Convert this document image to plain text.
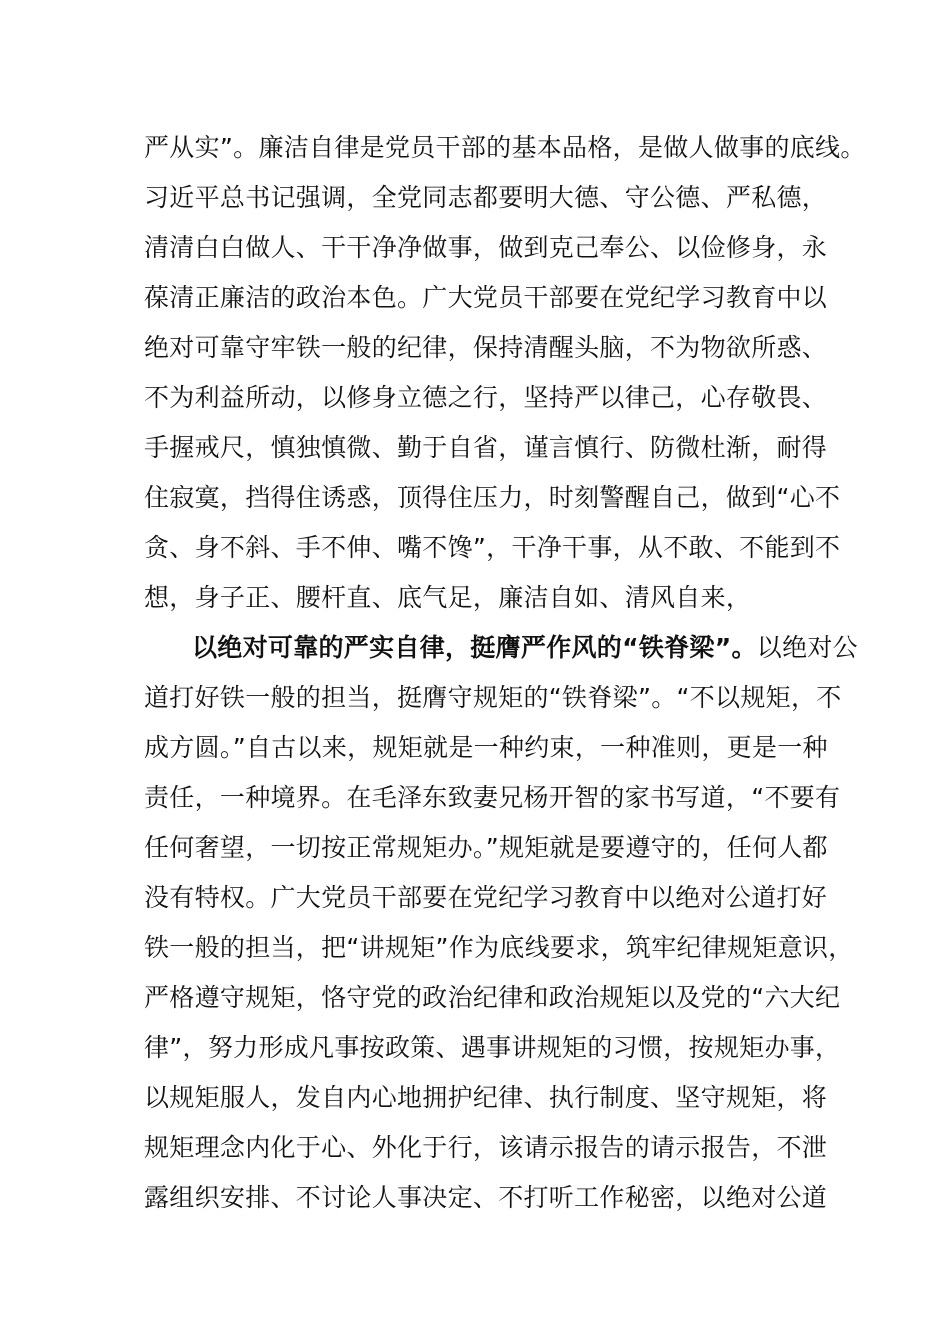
严从实”。廉洁自律是党员干部的基本品格，是做人做事的底线。
习近平总书记强调，全党同志都要明大德、守公德、严私德，
清清白白做人、干干净净做事，做到克己奉公、以俭修身，永
葆清正廉洁的政治本色。广大党员干部要在党纪学习教育中以
绝对可靠守牢铁一般的纪律，保持清醒头脑，不为物欲所惑、
不为利益所动，以修身立德之行，坚持严以律己，心存敬畏、
手握戒尺，慎独慎微、勤于自省，谨言慎行、防微杜渐，耐得
住寂寞，挡得住诱惑，顶得住压力，时刻警醒自己，做到“心不
贪、身不斜、手不伸、嘴不馋”，干净干事，从不敢、不能到不
想，身子正、腰杆直、底气足，廉洁自如、清风自来，
以绝对可靠的严实自律，挺膺严作风的“铁脊梁”。以绝对公
道打好铁一般的担当，挺膺守规矩的“铁脊梁”。“不以规矩，不
成方圆。”自古以来，规矩就是一种约束，一种准则，更是一种
责任，一种境界。在毛泽东致妻兄杨开智的家书写道，“不要有
任何奢望，一切按正常规矩办。”规矩就是要遵守的，任何人都
没有特权。广大党员干部要在党纪学习教育中以绝对公道打好
铁一般的担当，把“讲规矩”作为底线要求，筑牢纪律规矩意识，
严格遵守规矩，恪守党的政治纪律和政治规矩以及党的“六大纪
律”，努力形成凡事按政策、遇事讲规矩的习惯，按规矩办事，
以规矩服人，发自内心地拥护纪律、执行制度、坚守规矩，将
规矩理念内化于心、外化于行，该请示报告的请示报告，不泄
露组织安排、不讨论人事决定、不打听工作秘密，以绝对公道
